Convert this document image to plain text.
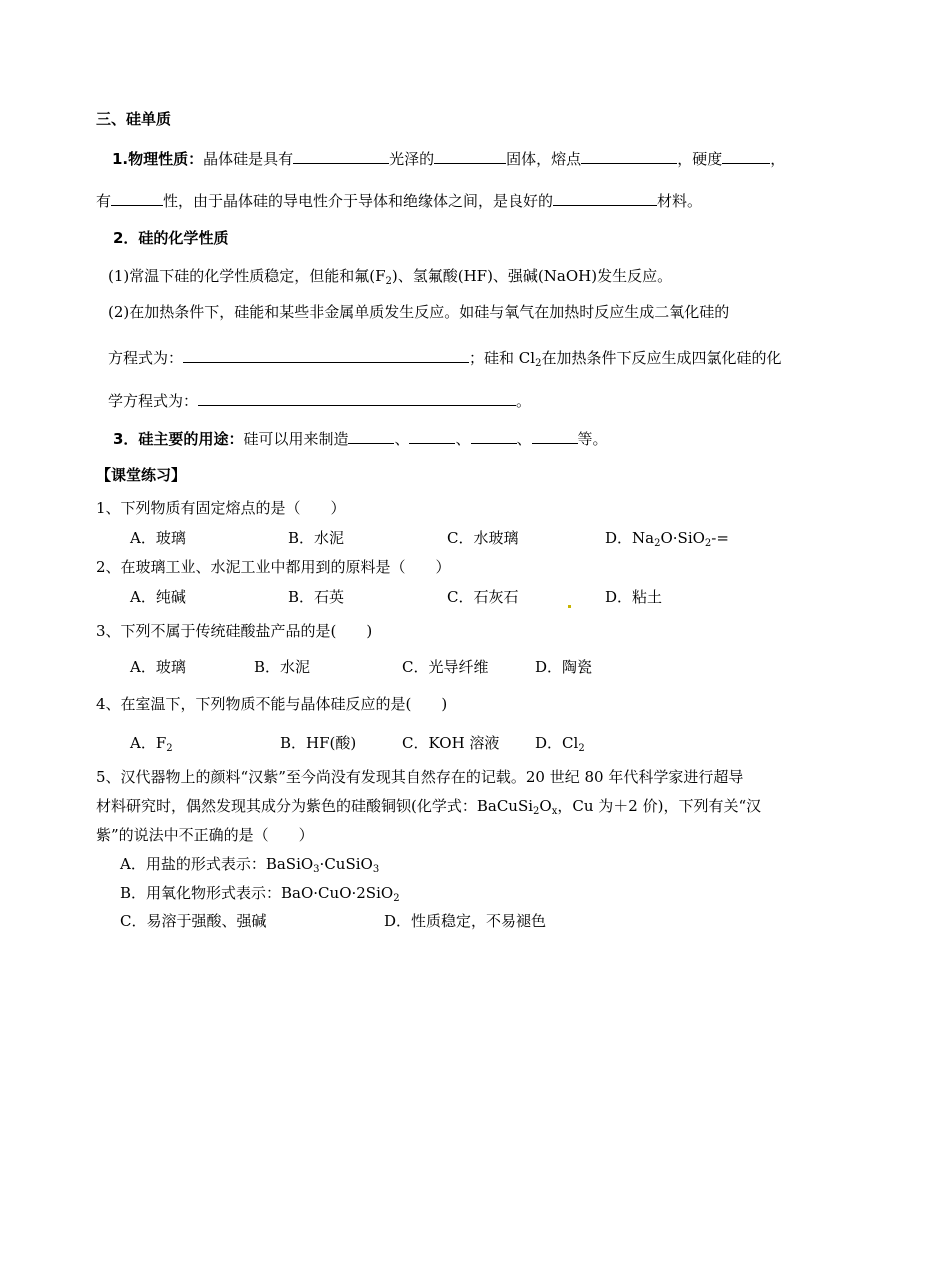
三、硅单质
1.物理性质：晶体硅是具有	光泽的	固体，熔点	，硬度	，
有	性，由于晶体硅的导电性介于导体和绝缘体之间，是良好的	材料。
2．硅的化学性质
(1)常温下硅的化学性质稳定，但能和氟$(F_2)$、氢氟酸(HF)、强碱(NaOH)发生反应。
(2)在加热条件下，硅能和某些非金属单质发生反应。如硅与氧气在加热时反应生成二氧化硅的
方程式为：	；硅和 $Cl_2$在加热条件下反应生成四氯化硅的化
学方程式为：	。
3．硅主要的用途：硅可以用来制造	、	、	、	等。
【课堂练习】
1、下列物质有固定熔点的是（　　）
A．玻璃	B．水泥	C．水玻璃	D．$Na_2O\cdot SiO_2-=$
2、在玻璃工业、水泥工业中都用到的原料是（　　）
A．纯碱	B．石英	C．石灰石	D．粘土
3、下列不属于传统硅酸盐产品的是(　　)
A．玻璃	B．水泥	C．光导纤维	D．陶瓷
4、在室温下，下列物质不能与晶体硅反应的是(　　)
A．$F_2$	B．HF(酸)	C．KOH 溶液 D．$Cl_2$
5、汉代器物上的颜料“汉紫”至今尚没有发现其自然存在的记载。20 世纪 80 年代科学家进行超导
材料研究时，偶然发现其成分为紫色的硅酸铜钡(化学式：$BaCuSi_2O_x$，Cu 为＋2 价)，下列有关“汉
紫”的说法中不正确的是（　　）
A．用盐的形式表示：BaSiO$_3$·CuSiO$_3$
B．用氧化物形式表示：BaO·CuO·2SiO$_2$
C．易溶于强酸、强碱	D．性质稳定，不易褪色
